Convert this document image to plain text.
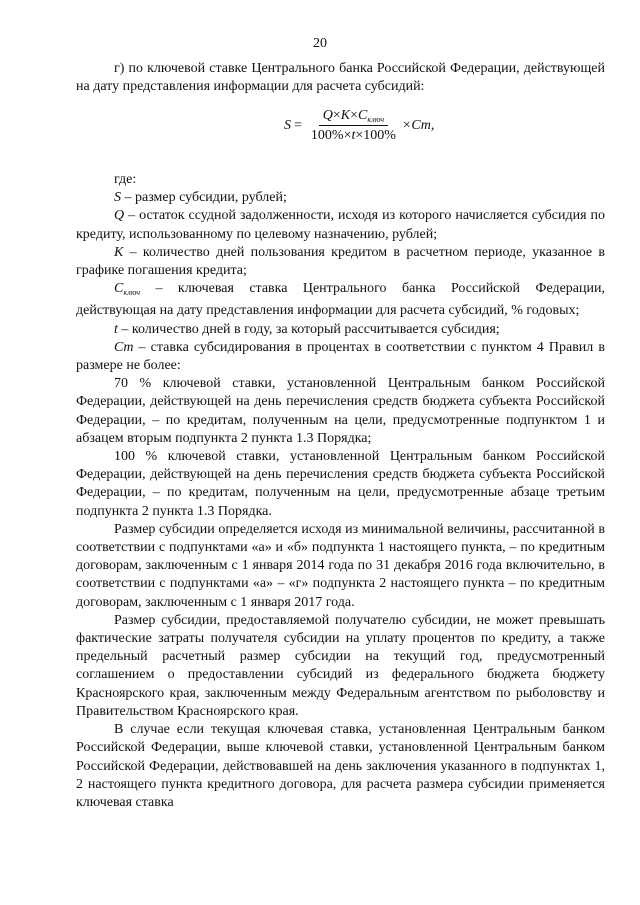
20

г) по ключевой ставке Центрального банка Российской Федерации, действующей на дату представления информации для расчета субсидий:

$S = \frac{Q\times K\times C_{ключ}}{100\%\times t\times 100\%} \times Cm$,

где:

S – размер субсидии, рублей;

Q – остаток ссудной задолженности, исходя из которого начисляется субсидия по кредиту, использованному по целевому назначению, рублей;

K – количество дней пользования кредитом в расчетном периоде, указанное в графике погашения кредита;

$C_{ключ}$ – ключевая ставка Центрального банка Российской Федерации, действующая на дату представления информации для расчета субсидий, % годовых;

t – количество дней в году, за который рассчитывается субсидия;

Cm – ставка субсидирования в процентах в соответствии с пунктом 4 Правил в размере не более:

70 % ключевой ставки, установленной Центральным банком Российской Федерации, действующей на день перечисления средств бюджета субъекта Российской Федерации, – по кредитам, полученным на цели, предусмотренные подпунктом 1 и абзацем вторым подпункта 2 пункта 1.3 Порядка;

100 % ключевой ставки, установленной Центральным банком Российской Федерации, действующей на день перечисления средств бюджета субъекта Российской Федерации, – по кредитам, полученным на цели, предусмотренные абзаце третьим подпункта 2 пункта 1.3 Порядка.

Размер субсидии определяется исходя из минимальной величины, рассчитанной в соответствии с подпунктами «а» и «б» подпункта 1 настоящего пункта, – по кредитным договорам, заключенным с 1 января 2014 года по 31 декабря 2016 года включительно, в соответствии с подпунктами «а» – «г» подпункта 2 настоящего пункта – по кредитным договорам, заключенным с 1 января 2017 года.

Размер субсидии, предоставляемой получателю субсидии, не может превышать фактические затраты получателя субсидии на уплату процентов по кредиту, а также предельный расчетный размер субсидии на текущий год, предусмотренный соглашением о предоставлении субсидий из федерального бюджета бюджету Красноярского края, заключенным между Федеральным агентством по рыболовству и Правительством Красноярского края.

В случае если текущая ключевая ставка, установленная Центральным банком Российской Федерации, выше ключевой ставки, установленной Центральным банком Российской Федерации, действовавшей на день заключения указанного в подпунктах 1, 2 настоящего пункта кредитного договора, для расчета размера субсидии применяется ключевая ставка
